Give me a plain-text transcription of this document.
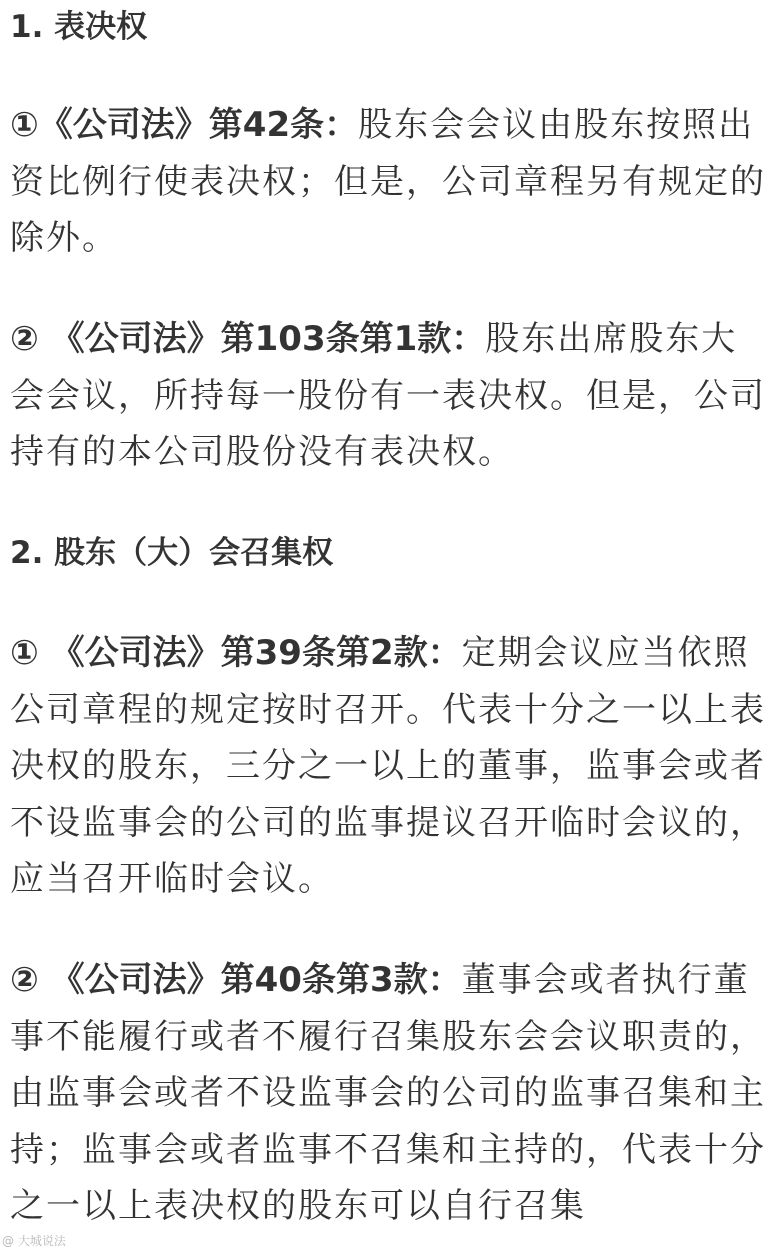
1. 表决权

①《公司法》第42条：股东会会议由股东按照出资比例行使表决权；但是，公司章程另有规定的除外。

② 《公司法》第103条第1款：股东出席股东大会会议，所持每一股份有一表决权。但是，公司持有的本公司股份没有表决权。

2. 股东（大）会召集权

① 《公司法》第39条第2款：定期会议应当依照公司章程的规定按时召开。代表十分之一以上表决权的股东，三分之一以上的董事，监事会或者不设监事会的公司的监事提议召开临时会议的，应当召开临时会议。

② 《公司法》第40条第3款：董事会或者执行董事不能履行或者不履行召集股东会会议职责的，由监事会或者不设监事会的公司的监事召集和主持；监事会或者监事不召集和主持的，代表十分之一以上表决权的股东可以自行召集

@ 大城说法
